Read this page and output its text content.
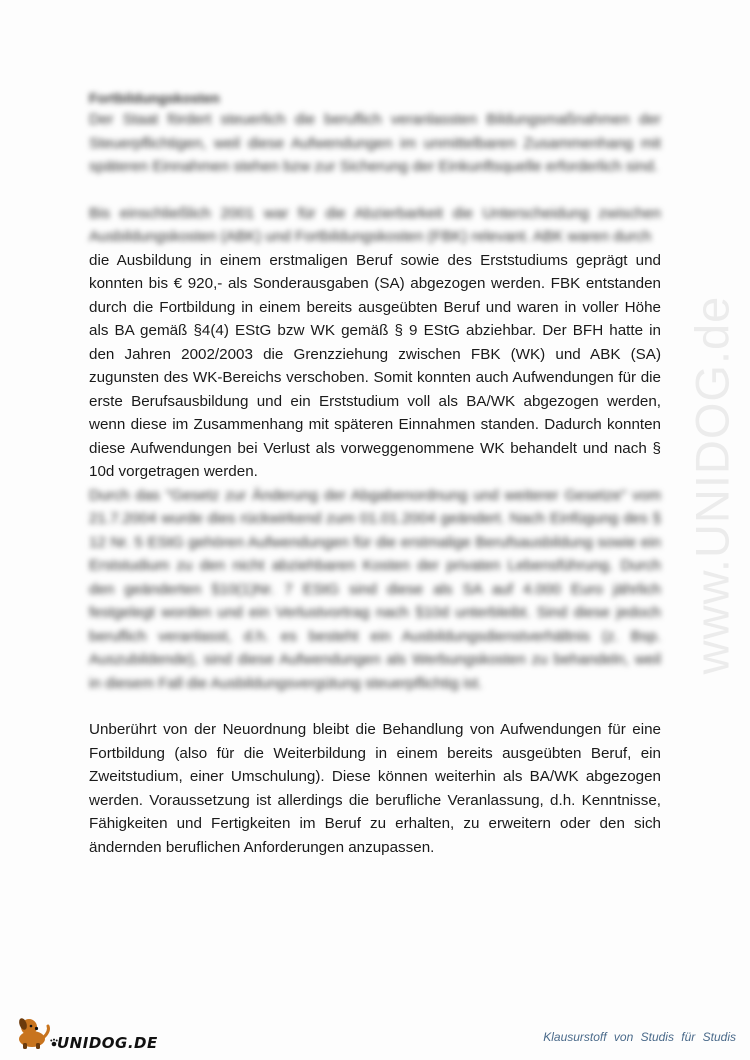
www.UNIDOG.de

Fortbildungskosten

Der Staat fördert steuerlich die beruflich veranlassten Bildungsmaßnahmen der Steuerpflichtigen, weil diese Aufwendungen im unmittelbaren Zusammenhang mit späteren Einnahmen stehen bzw zur Sicherung der Einkunftsquelle erforderlich sind.

Bis einschließlich 2001 war für die Abzierbarkeit die Unterscheidung zwischen Ausbildungskosten (ABK) und Fortbildungskosten (FBK) relevant. ABK waren durch

die Ausbildung in einem erstmaligen Beruf sowie des Erststudiums geprägt und konnten bis € 920,- als Sonderausgaben (SA) abgezogen werden. FBK entstanden durch die Fortbildung in einem bereits ausgeübten Beruf und waren in voller Höhe als BA gemäß §4(4) EStG bzw WK gemäß § 9 EStG abziehbar. Der BFH hatte in den Jahren 2002/2003 die Grenzziehung zwischen FBK (WK) und ABK (SA) zugunsten des WK-Bereichs verschoben. Somit konnten auch Aufwendungen für die erste Berufsausbildung und ein Erststudium voll als BA/WK abgezogen werden, wenn diese im Zusammenhang mit späteren Einnahmen standen. Dadurch konnten diese Aufwendungen bei Verlust als vorweggenommene WK behandelt und nach § 10d vorgetragen werden.

Durch das "Gesetz zur Änderung der Abgabenordnung und weiterer Gesetze" vom 21.7.2004 wurde dies rückwirkend zum 01.01.2004 geändert. Nach Einfügung des § 12 Nr. 5 EStG gehören Aufwendungen für die erstmalige Berufsausbildung sowie ein Erststudium zu den nicht abziehbaren Kosten der privaten Lebensführung. Durch den geänderten §10(1)Nr. 7 EStG sind diese als SA auf 4.000 Euro jährlich festgelegt worden und ein Verlustvortrag nach §10d unterbleibt. Sind diese jedoch beruflich veranlasst, d.h. es besteht ein Ausbildungsdienstverhältnis (z. Bsp. Auszubildende), sind diese Aufwendungen als Werbungskosten zu behandeln, weil in diesem Fall die Ausbildungsvergütung steuerpflichtig ist.

Unberührt von der Neuordnung bleibt die Behandlung von Aufwendungen für eine Fortbildung (also für die Weiterbildung in einem bereits ausgeübten Beruf, ein Zweitstudium, einer Umschulung). Diese können weiterhin als BA/WK abgezogen werden. Voraussetzung ist allerdings die berufliche Veranlassung, d.h. Kenntnisse, Fähigkeiten und Fertigkeiten im Beruf zu erhalten, zu erweitern oder den sich ändernden beruflichen Anforderungen anzupassen.

UNIDOG.DE	Klausurstoff von Studis für Studis
